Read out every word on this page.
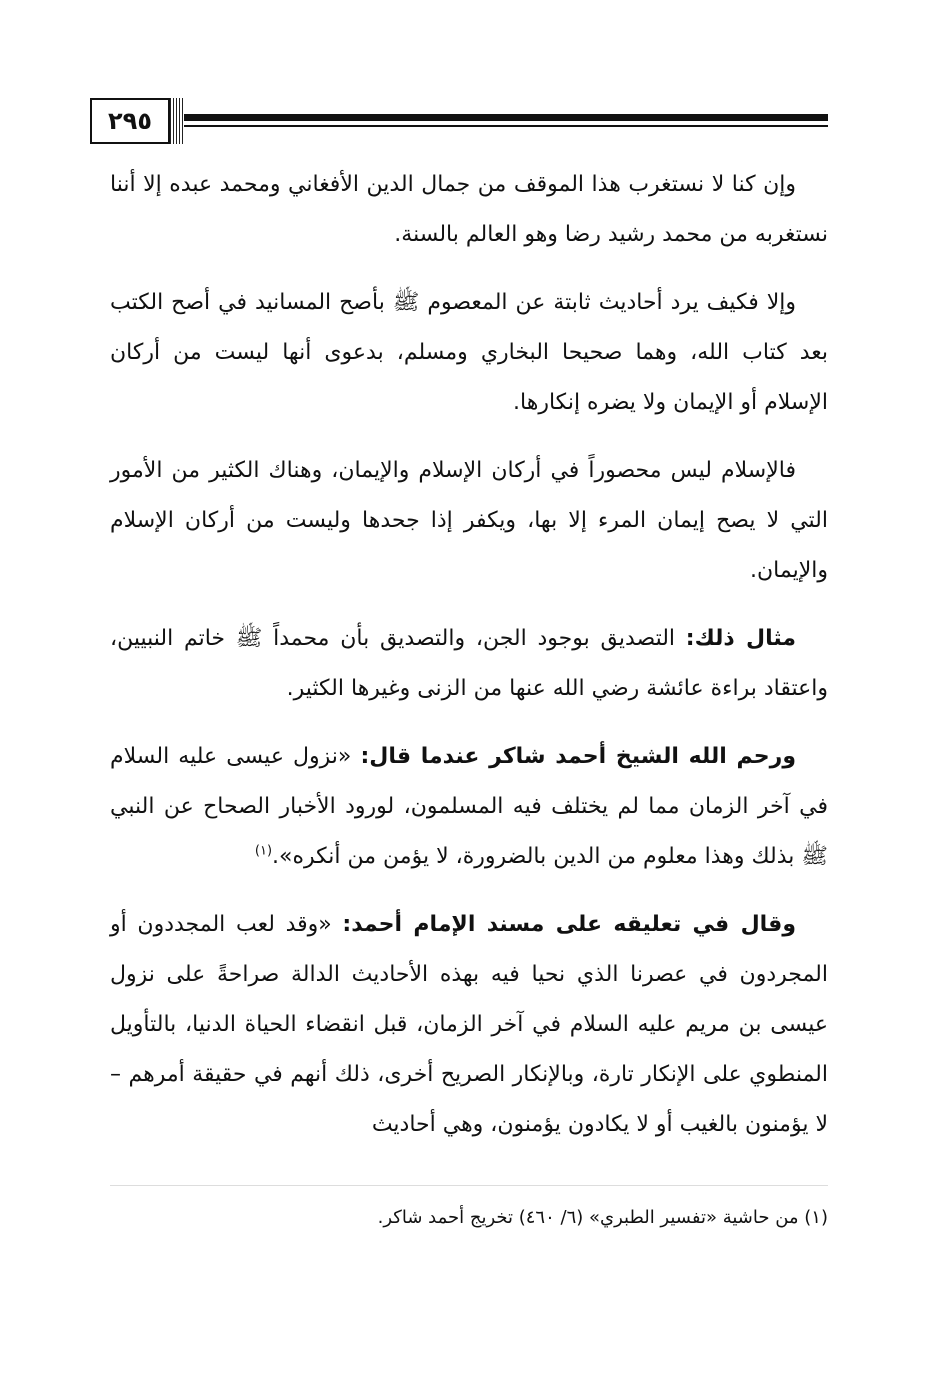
٢٩٥

وإن كنا لا نستغرب هذا الموقف من جمال الدين الأفغاني ومحمد عبده إلا أننا نستغربه من محمد رشيد رضا وهو العالم بالسنة.

وإلا فكيف يرد أحاديث ثابتة عن المعصوم ﷺ بأصح المسانيد في أصح الكتب بعد كتاب الله، وهما صحيحا البخاري ومسلم، بدعوى أنها ليست من أركان الإسلام أو الإيمان ولا يضره إنكارها.

فالإسلام ليس محصوراً في أركان الإسلام والإيمان، وهناك الكثير من الأمور التي لا يصح إيمان المرء إلا بها، ويكفر إذا جحدها وليست من أركان الإسلام والإيمان.

مثال ذلك: التصديق بوجود الجن، والتصديق بأن محمداً ﷺ خاتم النبيين، واعتقاد براءة عائشة رضي الله عنها من الزنى وغيرها الكثير.

ورحم الله الشيخ أحمد شاكر عندما قال: «نزول عيسى عليه السلام في آخر الزمان مما لم يختلف فيه المسلمون، لورود الأخبار الصحاح عن النبي ﷺ بذلك وهذا معلوم من الدين بالضرورة، لا يؤمن من أنكره».$^{(١)}$

وقال في تعليقه على مسند الإمام أحمد: «وقد لعب المجددون أو المجردون في عصرنا الذي نحيا فيه بهذه الأحاديث الدالة صراحةً على نزول عيسى بن مريم عليه السلام في آخر الزمان، قبل انقضاء الحياة الدنيا، بالتأويل المنطوي على الإنكار تارة، وبالإنكار الصريح أخرى، ذلك أنهم في حقيقة أمرهم – لا يؤمنون بالغيب أو لا يكادون يؤمنون، وهي أحاديث

(١) من حاشية «تفسير الطبري» (٦/ ٤٦٠) تخريج أحمد شاكر.
